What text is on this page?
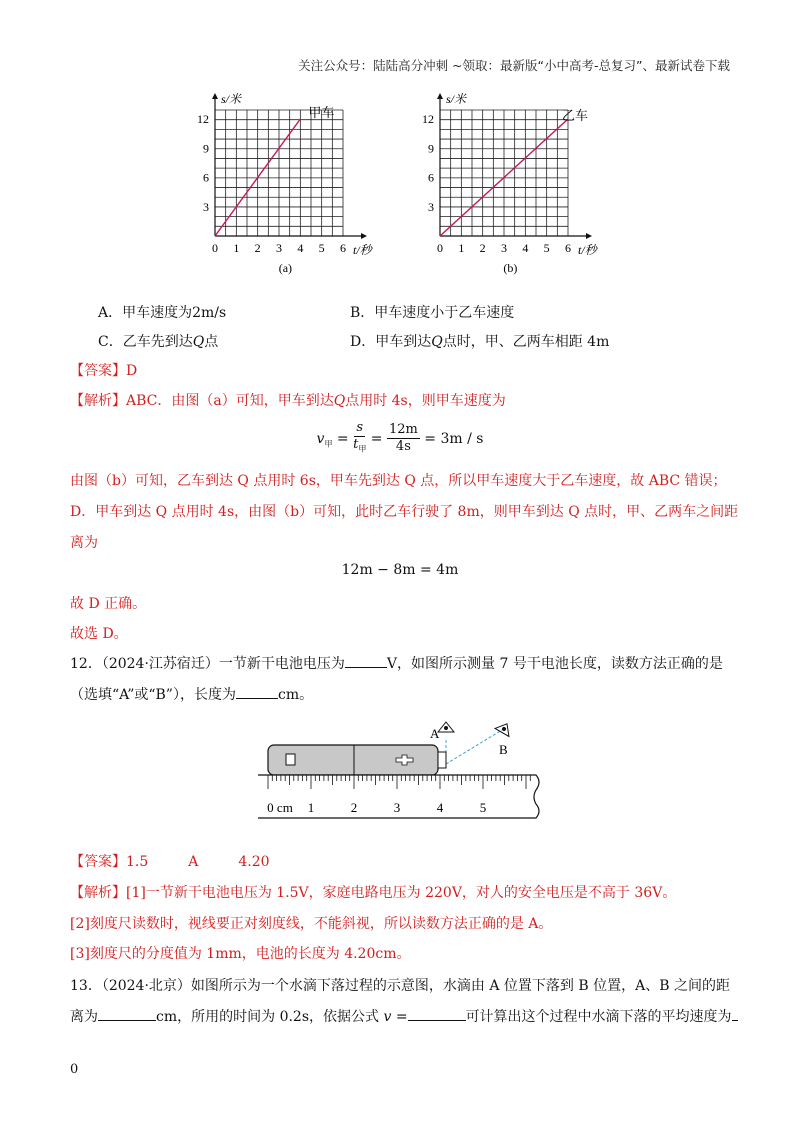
关注公众号：陆陆高分冲刺 ~领取：最新版“小中高考-总复习”、最新试卷下载
0 1 2 3 4 5 6
3
6
9
12
t/秒
s/米
甲车
(a)
0 1 2 3 4 5 6
3
6
9
12
t/秒
s/米
乙车
(b)
A．甲车速度为2m/s	B．甲车速度小于乙车速度
C．乙车先到达Q点	D．甲车到达Q点时，甲、乙两车相距 4m
【答案】D
【解析】ABC．由图（a）可知，甲车到达Q点用时 4s，则甲车速度为
$v_甲 = \frac{s}{t_甲} = \frac{12m}{4s} = 3m / s$
由图（b）可知，乙车到达 Q 点用时 6s，甲车先到达 Q 点，所以甲车速度大于乙车速度，故 ABC 错误；
D．甲车到达 Q 点用时 4s，由图（b）可知，此时乙车行驶了 8m，则甲车到达 Q 点时，甲、乙两车之间距
离为
12m − 8m = 4m
故 D 正确。
故选 D。
12．（2024·江苏宿迁）一节新干电池电压为	V，如图所示测量 7 号干电池长度，读数方法正确的是
（选填“A”或“B”），长度为	cm。
A
B
0 cm 1	2	3	4	5
【答案】1.5	A	4.20
【解析】[1]一节新干电池电压为 1.5V，家庭电路电压为 220V，对人的安全电压是不高于 36V。
[2]刻度尺读数时，视线要正对刻度线，不能斜视，所以读数方法正确的是 A。
[3]刻度尺的分度值为 1mm，电池的长度为 4.20cm。
13．（2024·北京）如图所示为一个水滴下落过程的示意图，水滴由 A 位置下落到 B 位置，A、B 之间的距
离为	cm，所用的时间为 0.2s，依据公式 v =	可计算出这个过程中水滴下落的平均速度为
0
